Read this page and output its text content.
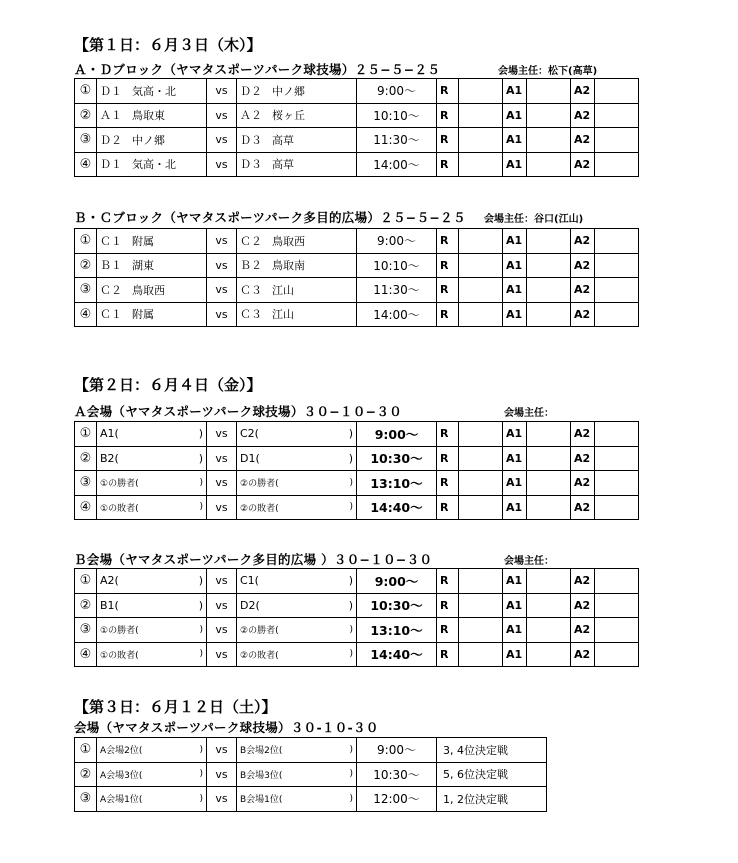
【第１日：６月３日（木）】
Ａ・Ｄブロック（ヤマタスポーツパーク球技場）２５−５−２５	会場主任：松下(高草)
①	Ｄ１ 気高・北	vs	Ｄ２ 中ノ郷	9:00〜	R		A1		A2	
②	Ａ１ 鳥取東	vs	Ａ２ 桜ヶ丘	10:10〜	R		A1		A2	
③	Ｄ２ 中ノ郷	vs	Ｄ３ 高草	11:30〜	R		A1		A2	
④	Ｄ１ 気高・北	vs	Ｄ３ 高草	14:00〜	R		A1		A2	
Ｂ・Ｃブロック（ヤマタスポーツパーク多目的広場）２５−５−２５ 会場主任：谷口(江山)
①	Ｃ１ 附属	vs	Ｃ２ 鳥取西	9:00〜	R		A1		A2	
②	Ｂ１ 湖東	vs	Ｂ２ 鳥取南	10:10〜	R		A1		A2	
③	Ｃ２ 鳥取西	vs	Ｃ３ 江山	11:30〜	R		A1		A2	
④	Ｃ１ 附属	vs	Ｃ３ 江山	14:00〜	R		A1		A2	
【第２日：６月４日（金）】
Ａ会場（ヤマタスポーツパーク球技場）３０−１０−３０	会場主任：
①	A1( )	vs	C2( )	9:00〜	R		A1		A2	
②	B2( )	vs	D1( )	10:30〜	R		A1		A2	
③	①の勝者( )	vs	②の勝者( )	13:10〜	R		A1		A2	
④	①の敗者( )	vs	②の敗者( )	14:40〜	R		A1		A2	
Ｂ会場（ヤマタスポーツパーク多目的広場 ）３０−１０−３０	会場主任：
①	A2( )	vs	C1( )	9:00〜	R		A1		A2	
②	B1( )	vs	D2( )	10:30〜	R		A1		A2	
③	①の勝者( )	vs	②の勝者( )	13:10〜	R		A1		A2	
④	①の敗者( )	vs	②の敗者( )	14:40〜	R		A1		A2	
【第３日：６月１２日（土）】
会場（ヤマタスポーツパーク球技場）３０-１０-３０
①	A会場2位( )	vs	B会場2位( )	9:00〜	3, 4位決定戦
②	A会場3位( )	vs	B会場3位( )	10:30〜	5, 6位決定戦
③	A会場1位( )	vs	B会場1位( )	12:00〜	1, 2位決定戦
